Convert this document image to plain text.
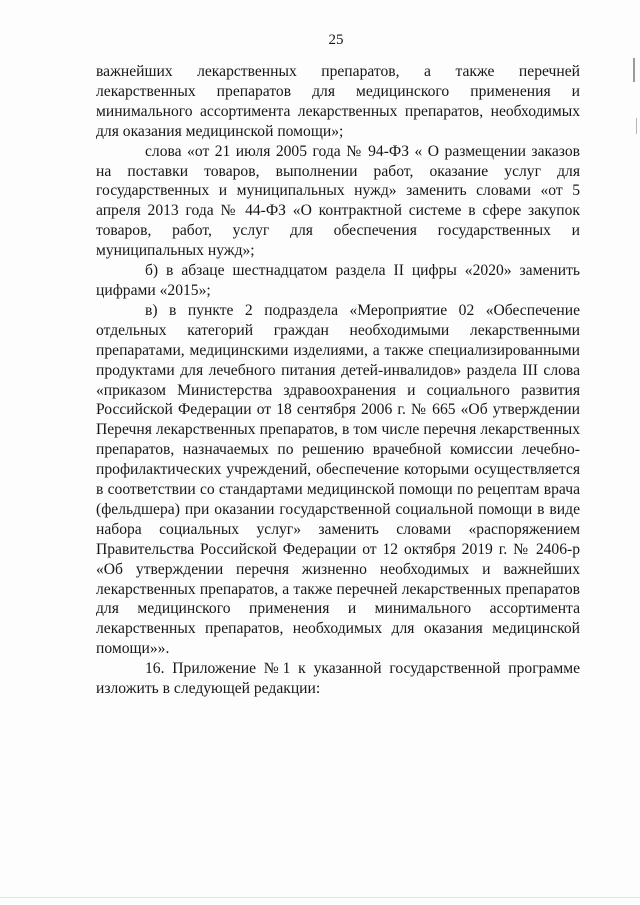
25

важнейших лекарственных препаратов, а также перечней лекарственных препаратов для медицинского применения и минимального ассортимента лекарственных препаратов, необходимых для оказания медицинской помощи»;

слова «от 21 июля 2005 года № 94-ФЗ « О размещении заказов на поставки товаров, выполнении работ, оказание услуг для государственных и муниципальных нужд» заменить словами «от 5 апреля 2013 года № 44-ФЗ «О контрактной системе в сфере закупок товаров, работ, услуг для обеспечения государственных и муниципальных нужд»;

б) в абзаце шестнадцатом раздела II цифры «2020» заменить цифрами «2015»;

в) в пункте 2 подраздела «Мероприятие 02 «Обеспечение отдельных категорий граждан необходимыми лекарственными препаратами, медицинскими изделиями, а также специализированными продуктами для лечебного питания детей-инвалидов» раздела III слова «приказом Министерства здравоохранения и социального развития Российской Федерации от 18 сентября 2006 г. № 665 «Об утверждении Перечня лекарственных препаратов, в том числе перечня лекарственных препаратов, назначаемых по решению врачебной комиссии лечебно-профилактических учреждений, обеспечение которыми осуществляется в соответствии со стандартами медицинской помощи по рецептам врача (фельдшера) при оказании государственной социальной помощи в виде набора социальных услуг» заменить словами «распоряжением Правительства Российской Федерации от 12 октября 2019 г. № 2406-р «Об утверждении перечня жизненно необходимых и важнейших лекарственных препаратов, а также перечней лекарственных препаратов для медицинского применения и минимального ассортимента лекарственных препаратов, необходимых для оказания медицинской помощи»».

16. Приложение №1 к указанной государственной программе изложить в следующей редакции:
